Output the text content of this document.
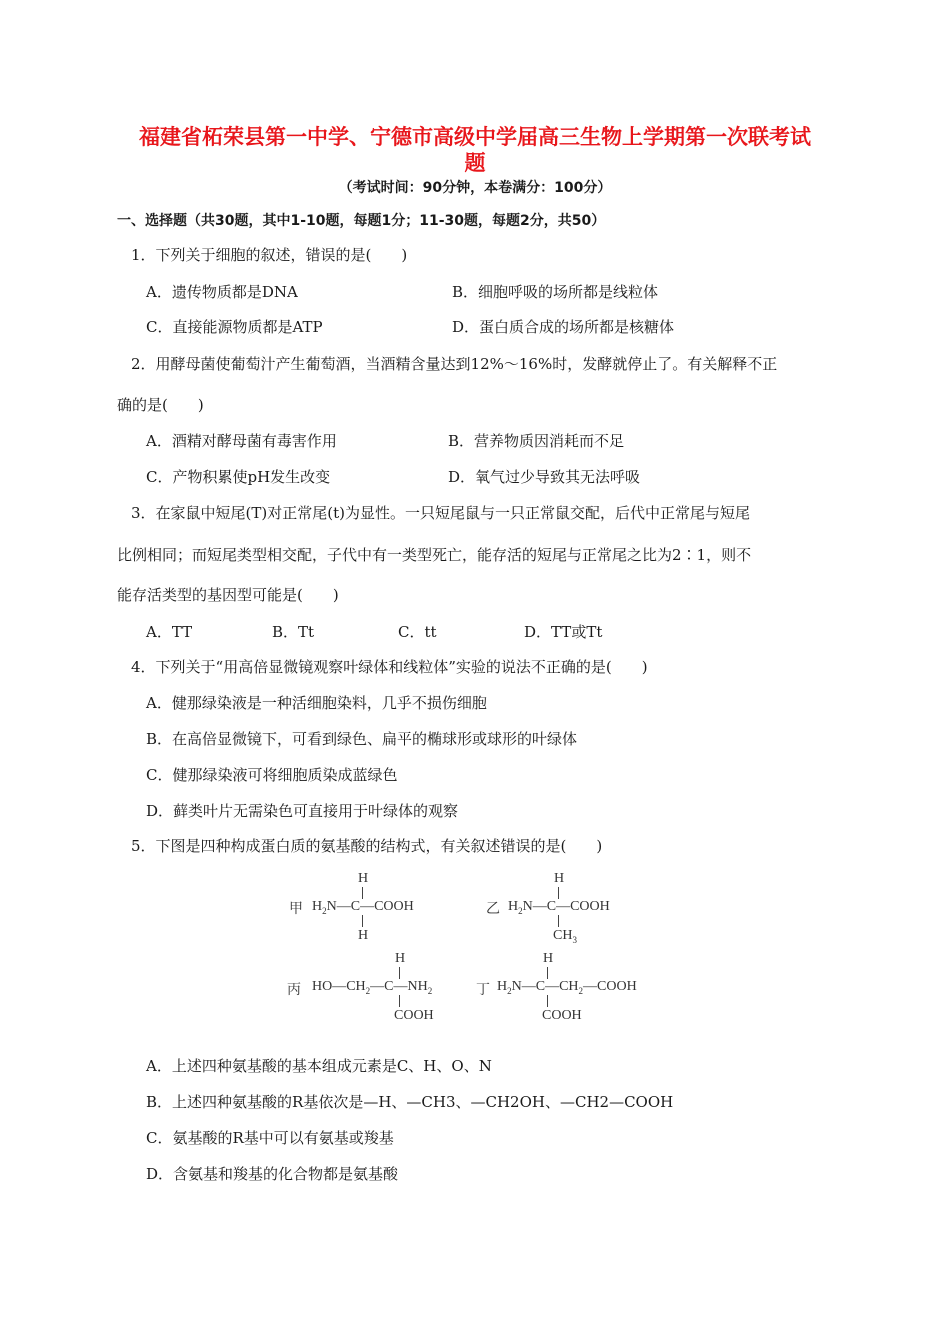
福建省柘荣县第一中学、宁德市高级中学届高三生物上学期第一次联考试
题
（考试时间：90分钟，本卷满分：100分）
一、选择题（共30题，其中1-10题，每题1分；11-30题，每题2分，共50）
1．下列关于细胞的叙述，错误的是(　　)
A．遗传物质都是DNA	B．细胞呼吸的场所都是线粒体
C．直接能源物质都是ATP	D．蛋白质合成的场所都是核糖体
2．用酵母菌使葡萄汁产生葡萄酒，当酒精含量达到12%～16%时，发酵就停止了。有关解释不正
确的是(　　)
A．酒精对酵母菌有毒害作用	B．营养物质因消耗而不足
C．产物积累使pH发生改变	D．氧气过少导致其无法呼吸
3．在家鼠中短尾(T)对正常尾(t)为显性。一只短尾鼠与一只正常鼠交配，后代中正常尾与短尾
比例相同；而短尾类型相交配，子代中有一类型死亡，能存活的短尾与正常尾之比为2∶1，则不
能存活类型的基因型可能是(　　)
A．TT	B．Tt	C．tt	D．TT或Tt
4．下列关于“用高倍显微镜观察叶绿体和线粒体”实验的说法不正确的是(　　)
A．健那绿染液是一种活细胞染料，几乎不损伤细胞
B．在高倍显微镜下，可看到绿色、扁平的椭球形或球形的叶绿体
C．健那绿染液可将细胞质染成蓝绿色
D．藓类叶片无需染色可直接用于叶绿体的观察
5．下图是四种构成蛋白质的氨基酸的结构式，有关叙述错误的是(　　)
甲
H
$H_2N—C—COOH$
H
乙
H
$H_2N—C—COOH$
$CH_3$
丙
H
$HO—CH_2—C—NH_2$
COOH
丁
H
$H_2N—C—CH_2—COOH$
COOH
A．上述四种氨基酸的基本组成元素是C、H、O、N
B．上述四种氨基酸的R基依次是—H、—CH3、—CH2OH、—CH2—COOH
C．氨基酸的R基中可以有氨基或羧基
D．含氨基和羧基的化合物都是氨基酸
